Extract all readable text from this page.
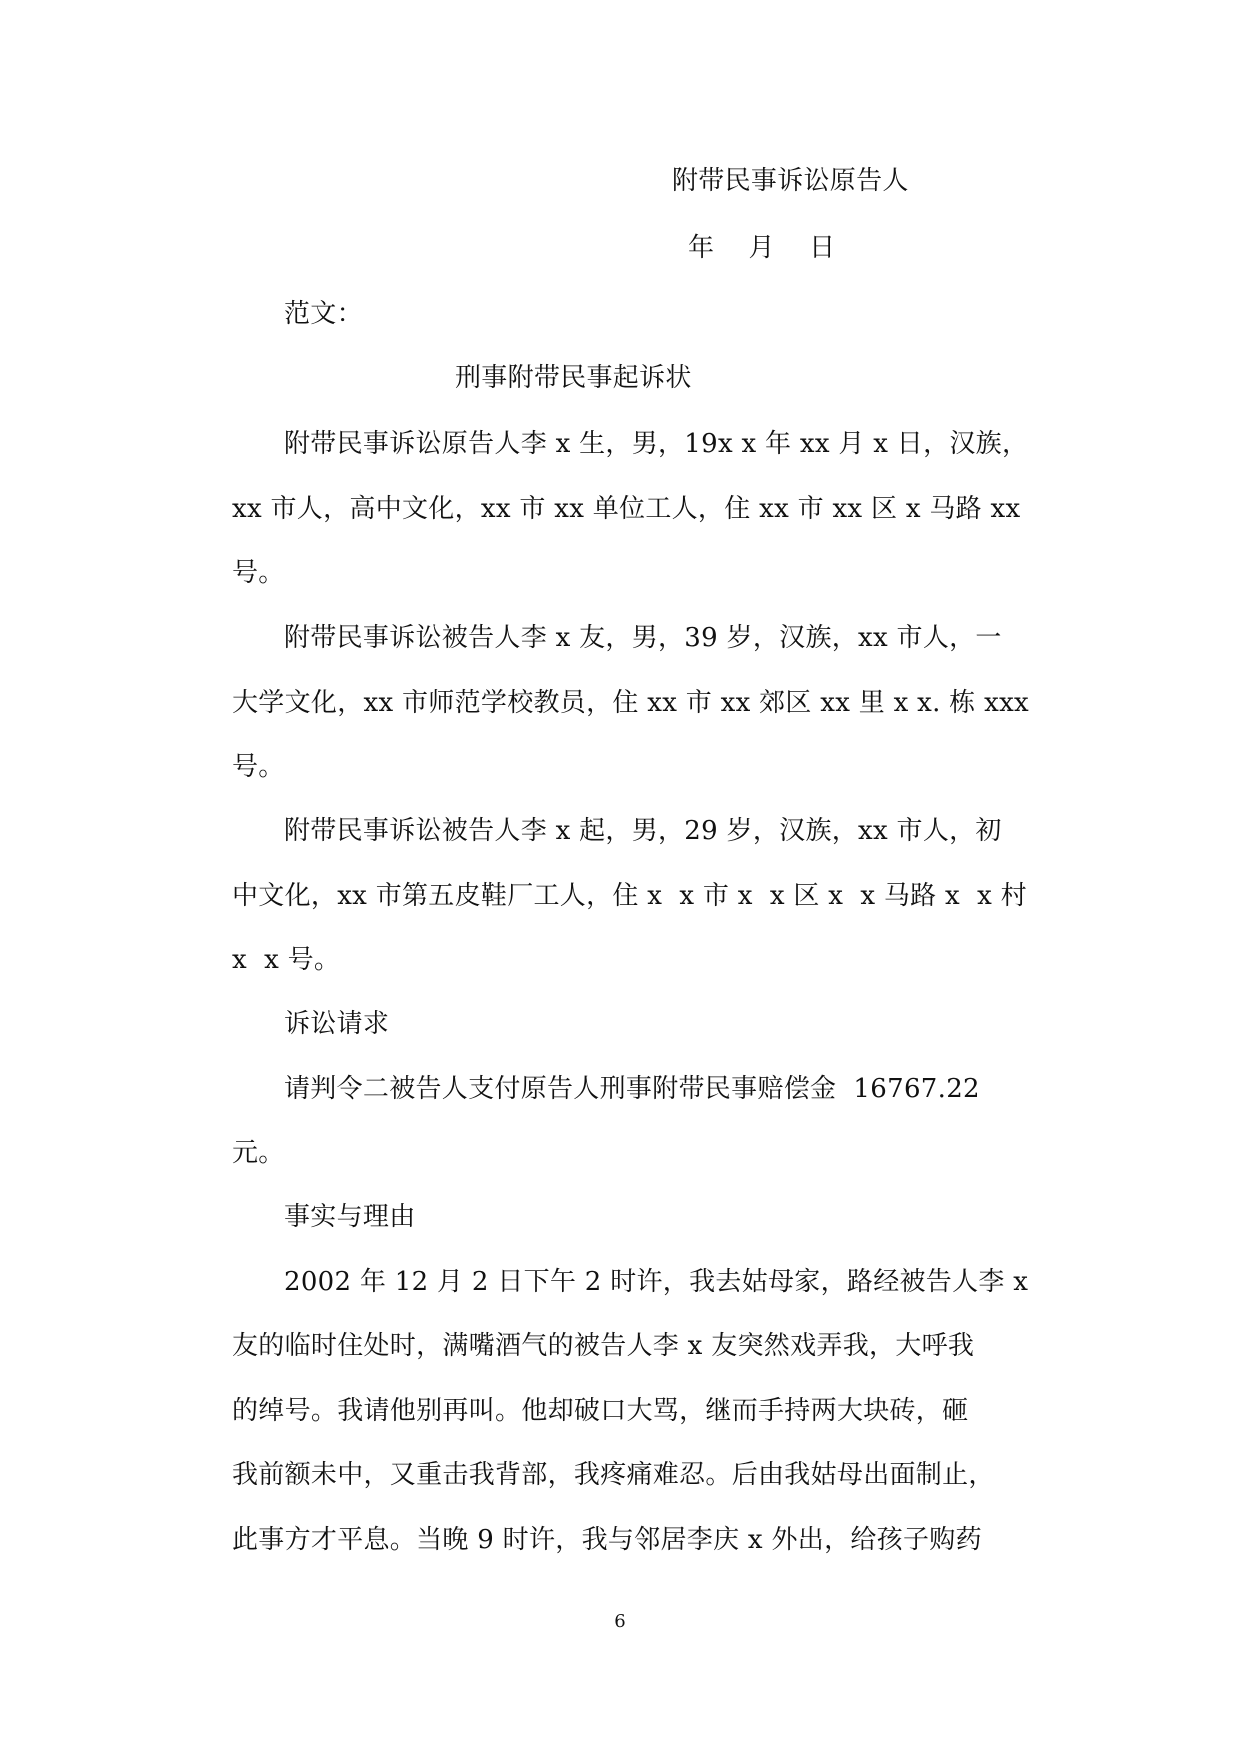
附带民事诉讼原告人
年    月    日
范文：
刑事附带民事起诉状
附带民事诉讼原告人李 x 生，男，19x x 年 xx 月 x 日，汉族，
xx 市人，高中文化，xx 市 xx 单位工人，住 xx 市 xx 区 x 马路 xx
号。
附带民事诉讼被告人李 x 友，男，39 岁，汉族，xx 市人，一
大学文化，xx 市师范学校教员，住 xx 市 xx 郊区 xx 里 x x. 栋 xxx
号。
附带民事诉讼被告人李 x 起，男，29 岁，汉族，xx 市人，初
中文化，xx 市第五皮鞋厂工人，住 x  x 市 x  x 区 x  x 马路 x  x 村
x  x 号。
诉讼请求
请判令二被告人支付原告人刑事附带民事赔偿金  16767.22
元。
事实与理由
2002 年 12 月 2 日下午 2 时许，我去姑母家，路经被告人李 x
友的临时住处时，满嘴酒气的被告人李 x 友突然戏弄我，大呼我
的绰号。我请他别再叫。他却破口大骂，继而手持两大块砖，砸
我前额未中，又重击我背部，我疼痛难忍。后由我姑母出面制止，
此事方才平息。当晚 9 时许，我与邻居李庆 x 外出，给孩子购药
6
